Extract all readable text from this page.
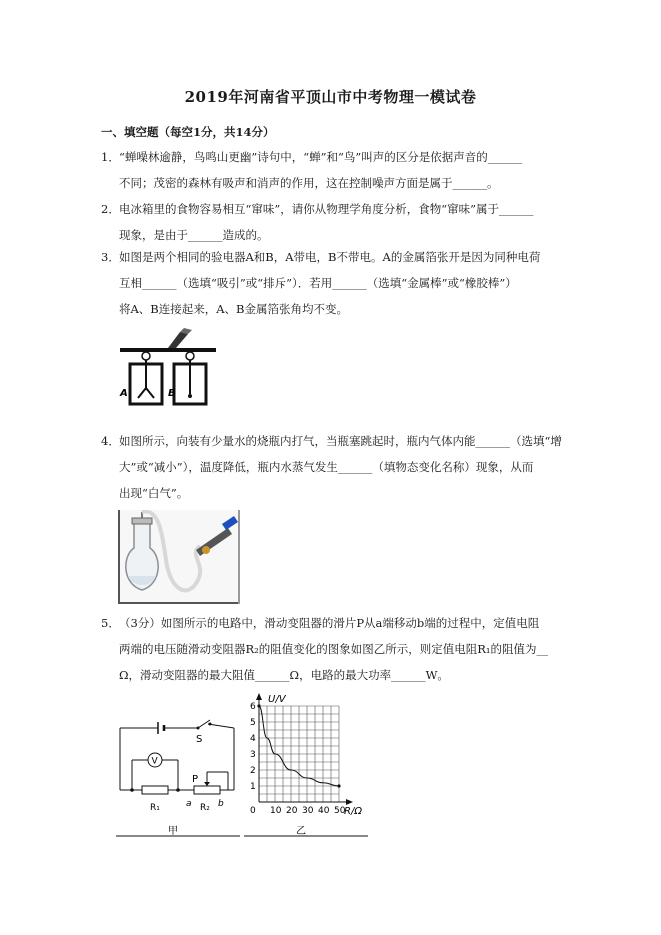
2019年河南省平顶山市中考物理一模试卷
一、填空题（每空1分，共14分）
1．“蝉噪林逾静，鸟鸣山更幽”诗句中，“蝉”和“鸟”叫声的区分是依据声音的______
不同；茂密的森林有吸声和消声的作用，这在控制噪声方面是属于______。
2．电冰箱里的食物容易相互“窜味”，请你从物理学角度分析，食物“窜味”属于______
现象，是由于______造成的。
3．如图是两个相同的验电器A和B，A带电，B不带电。A的金属箔张开是因为同种电荷
互相______（选填“吸引”或“排斥”）．若用______（选填“金属棒”或“橡胶棒”）
将A、B连接起来，A、B金属箔张角均不变。
A	B
4．如图所示，向装有少量水的烧瓶内打气，当瓶塞跳起时，瓶内气体内能______（选填“增
大”或“减小”），温度降低，瓶内水蒸气发生______（填物态变化名称）现象，从而
出现“白气”。
5．（3分）如图所示的电路中，滑动变阻器的滑片P从a端移动b端的过程中，定值电阻
两端的电压随滑动变阻器R₂的阻值变化的图象如图乙所示，则定值电阻R₁的阻值为__
Ω，滑动变阻器的最大阻值______Ω，电路的最大功率______W。
S
V
R₁
P
R₂
a	b
甲
U/V
R/Ω
0 10 20 30 40 50
1
2
3
4
5
6
乙
